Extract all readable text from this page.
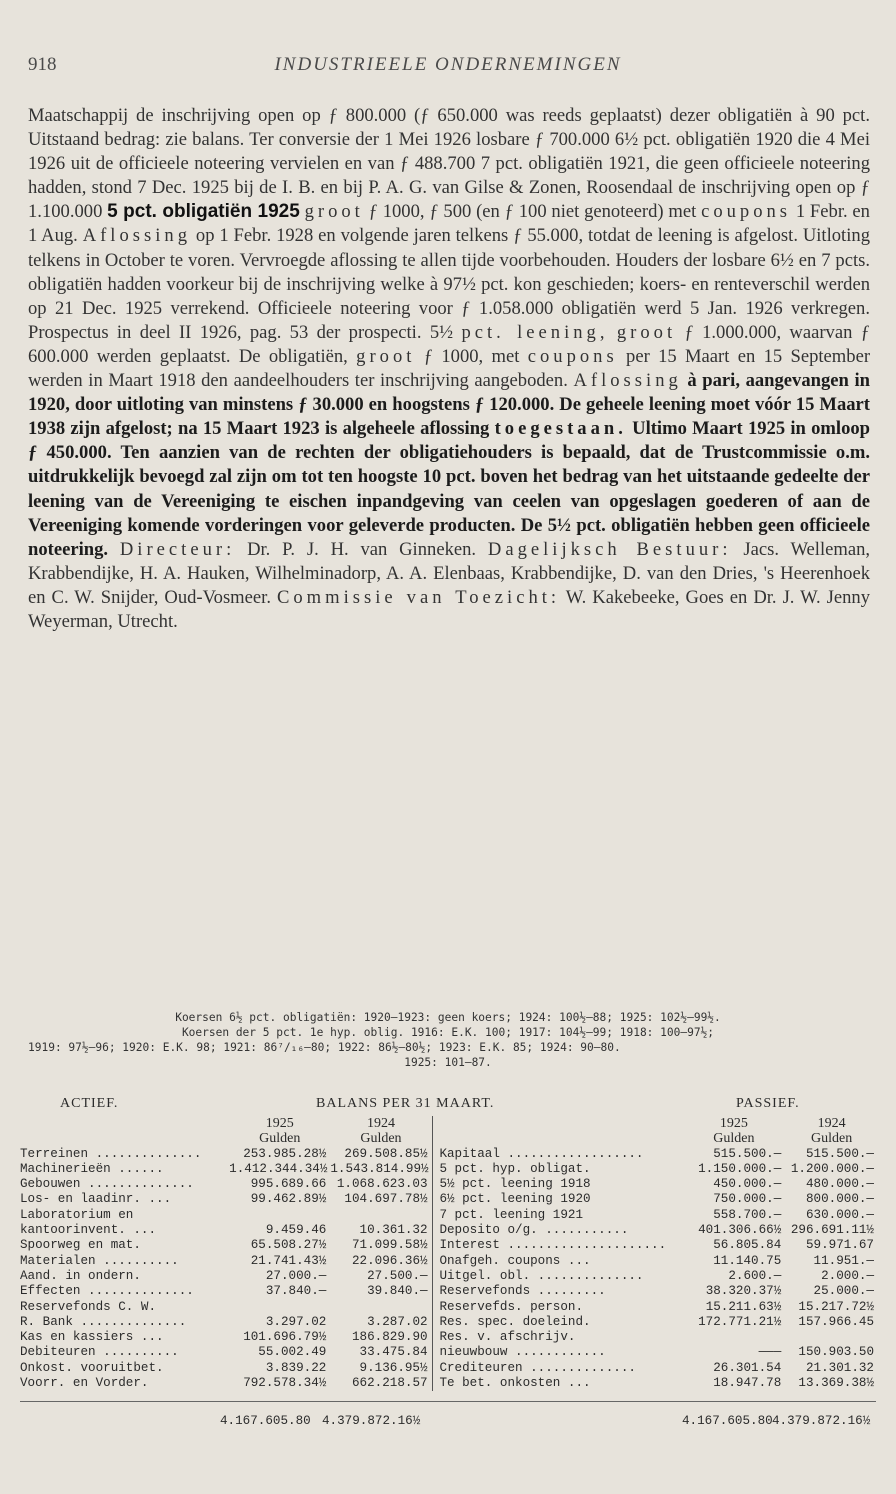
918	INDUSTRIEELE ONDERNEMINGEN
Maatschappij de inschrijving open op ƒ 800.000 (ƒ 650.000 was reeds geplaatst) dezer obligatiën à 90 pct. Uitstaand bedrag: zie balans. Ter conversie der 1 Mei 1926 losbare ƒ 700.000 6½ pct. obligatiën 1920 die 4 Mei 1926 uit de officieele noteering vervielen en van ƒ 488.700 7 pct. obligatiën 1921, die geen officieele noteering hadden, stond 7 Dec. 1925 bij de I. B. en bij P. A. G. van Gilse & Zonen, Roosendaal de inschrijving open op ƒ 1.100.000 5 pct. obligatiën 1925 groot ƒ 1000, ƒ 500 (en ƒ 100 niet genoteerd) met coupons 1 Febr. en 1 Aug. Aflossing op 1 Febr. 1928 en volgende jaren telkens ƒ 55.000, totdat de leening is afgelost. Uitloting telkens in October te voren. Vervroegde aflossing te allen tijde voorbehouden. Houders der losbare 6½ en 7 pcts. obligatiën hadden voorkeur bij de inschrijving welke à 97½ pct. kon geschieden; koers- en renteverschil werden op 21 Dec. 1925 verrekend. Officieele noteering voor ƒ 1.058.000 obligatiën werd 5 Jan. 1926 verkregen. Prospectus in deel II 1926, pag. 53 der prospecti. 5½ pct. leening, groot ƒ 1.000.000, waarvan ƒ 600.000 werden geplaatst. De obligatiën, groot ƒ 1000, met coupons per 15 Maart en 15 September werden in Maart 1918 den aandeelhouders ter inschrijving aangeboden. Aflossing à pari, aangevangen in 1920, door uitloting van minstens ƒ 30.000 en hoogstens ƒ 120.000. De geheele leening moet vóór 15 Maart 1938 zijn afgelost; na 15 Maart 1923 is algeheele aflossing toegestaan. Ultimo Maart 1925 in omloop ƒ 450.000. Ten aanzien van de rechten der obligatiehouders is bepaald, dat de Trustcommissie o.m. uitdrukkelijk bevoegd zal zijn om tot ten hoogste 10 pct. boven het bedrag van het uitstaande gedeelte der leening van de Vereeniging te eischen inpandgeving van ceelen van opgeslagen goederen of aan de Vereeniging komende vorderingen voor geleverde producten. De 5½ pct. obligatiën hebben geen officieele noteering. Directeur: Dr. P. J. H. van Ginneken. Dagelijksch Bestuur: Jacs. Welleman, Krabbendijke, H. A. Hauken, Wilhelminadorp, A. A. Elenbaas, Krabbendijke, D. van den Dries, 's Heerenhoek en C. W. Snijder, Oud-Vosmeer. Commissie van Toezicht: W. Kakebeeke, Goes en Dr. J. W. Jenny Weyerman, Utrecht.
Koersen 6½ pct. obligatiën: 1920—1923: geen koers; 1924: 100½—88; 1925: 102½—99½.
Koersen der 5 pct. 1e hyp. oblig. 1916: E.K. 100; 1917: 104½—99; 1918: 100—97½;
1919: 97½—96; 1920: E.K. 98; 1921: 86⁷/₁₆—80; 1922: 86½—80½; 1923: E.K. 85; 1924: 90—80.
1925: 101—87.
ACTIEF.	BALANS PER 31 MAART.	PASSIEF.
	1925	1924			1925	1924
	Gulden	Gulden			Gulden	Gulden
Terreinen ..............	253.985.28½	269.508.85½		Kapitaal ..................	515.500.—	515.500.—
Machinerieën ......	1.412.344.34½	1.543.814.99½		5 pct. hyp. obligat.	1.150.000.—	1.200.000.—
Gebouwen ..............	995.689.66	1.068.623.03		5½ pct. leening 1918	450.000.—	480.000.—
Los- en laadinr. ...	99.462.89½	104.697.78½		6½ pct. leening 1920	750.000.—	800.000.—
Laboratorium en				7 pct. leening 1921	558.700.—	630.000.—
kantoorinvent. ...	9.459.46	10.361.32		Deposito o/g. ...........	401.306.66½	296.691.11½
Spoorweg en mat.	65.508.27½	71.099.58½		Interest .....................	56.805.84	59.971.67
Materialen ..........	21.741.43½	22.096.36½		Onafgeh. coupons ...	11.140.75	11.951.—
Aand. in ondern.	27.000.—	27.500.—		Uitgel. obl. ..............	2.600.—	2.000.—
Effecten ..............	37.840.—	39.840.—		Reservefonds .........	38.320.37½	25.000.—
Reservefonds C. W.				Reservefds. person.	15.211.63½	15.217.72½
R. Bank ..............	3.297.02	3.287.02		Res. spec. doeleind.	172.771.21½	157.966.45
Kas en kassiers ...	101.696.79½	186.829.90		Res. v. afschrijv.		
Debiteuren ..........	55.002.49	33.475.84		nieuwbouw ............	———	150.903.50
Onkost. vooruitbet.	3.839.22	9.136.95½		Crediteuren ..............	26.301.54	21.301.32
Voorr. en Vorder.	792.578.34½	662.218.57		Te bet. onkosten ...	18.947.78	13.369.38½
4.167.605.80 4.379.872.16½	4.167.605.80 4.379.872.16½
